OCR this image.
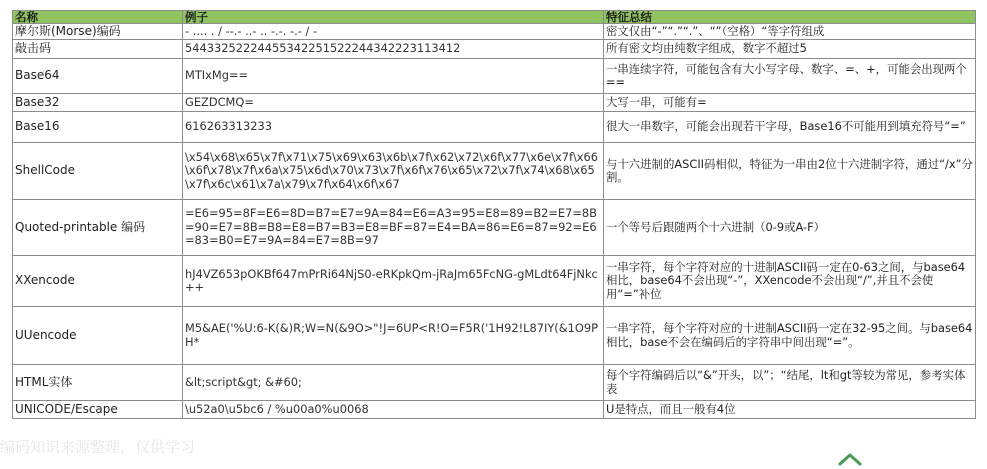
名称	例子	特征总结
摩尔斯(Morse)编码	- .... . / --.- ..- .. -.-. -.- / -	密文仅由“-”“.”“.”、“”（空格）“等字符组成
敲击码	54433252224455342251522244342223113412	所有密文均由纯数字组成，数字不超过5
Base64	MTIxMg==	一串连续字符，可能包含有大小写字母、数字、=、+，可能会出现两个==
Base32	GEZDCMQ=	大写一串，可能有=
Base16	616263313233	很大一串数字，可能会出现若干字母，Base16不可能用到填充符号“=”
ShellCode	\x54\x68\x65\x7f\x71\x75\x69\x63\x6b\x7f\x62\x72\x6f\x77\x6e\x7f\x66\x6f\x78\x7f\x6a\x75\x6d\x70\x73\x7f\x6f\x76\x65\x72\x7f\x74\x68\x65\x7f\x6c\x61\x7a\x79\x7f\x64\x6f\x67	与十六进制的ASCII码相似，特征为一串由2位十六进制字符，通过“/x”分割。
Quoted-printable 编码	=E6=95=8F=E6=8D=B7=E7=9A=84=E6=A3=95=E8=89=B2=E7=8B=90=E7=8B=B8=E8=B7=B3=E8=BF=87=E4=BA=86=E6=87=92=E6=83=B0=E7=9A=84=E7=8B=97	一个等号后跟随两个十六进制（0-9或A-F）
XXencode	hJ4VZ653pOKBf647mPrRi64NjS0-eRKpkQm-jRaJm65FcNG-gMLdt64FjNkc++	一串字符，每个字符对应的十进制ASCII码一定在0-63之间，与base64相比，base64不会出现“-”，XXencode不会出现“/”,并且不会使用“=”补位
UUencode	M5&AE('%U:6-K(&)R;W=N(&9O>"!J=6UP<R!O=F5R('1H92!L87IY(&1O9PH*	一串字符，每个字符对应的十进制ASCII码一定在32-95之间。与base64相比，base不会在编码后的字符串中间出现“=”。
HTML实体	&lt;script&gt; &#60;	每个字符编码后以“&”开头，以”；“结尾，lt和gt等较为常见，参考实体表
UNICODE/Escape	\u52a0\u5bc6 / %u00a0%u0068	U是特点，而且一般有4位
编码知识来源整理，仅供学习
